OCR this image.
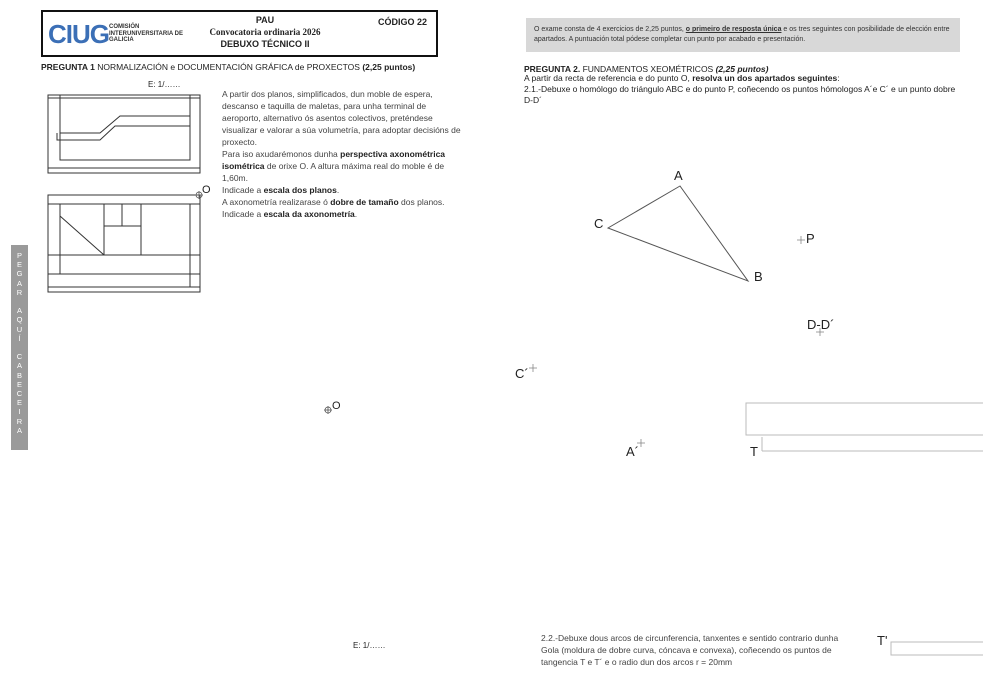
CIUG COMISIÓN INTERUNIVERSITARIA DE GALICIA
PAU
Convocatoria ordinaria 2026
DEBUXO TÉCNICO II
CÓDIGO 22
O exame consta de 4 exercicios de 2,25 puntos, o primeiro de resposta única e os tres seguintes con posibilidade de elección entre apartados. A puntuación total pódese completar cun punto por acabado e presentación.
P
E
G
A
R

A
Q
U
Í

C
A
B
E
C
E
I
R
A
PREGUNTA 1 NORMALIZACIÓN e DOCUMENTACIÓN GRÁFICA de PROXECTOS (2,25 puntos)
E: 1/……
A partir dos planos, simplificados, dun moble de espera, descanso e taquilla de maletas, para unha terminal de aeroporto, alternativo ós asentos colectivos, preténdese visualizar e valorar a súa volumetría, para adoptar decisións de proxecto.
Para iso axudarémonos dunha perspectiva axonométrica isométrica de orixe O. A altura máxima real do moble é de 1,60m.
Indicade a escala dos planos.
A axonometría realizarase ó dobre de tamaño dos planos.
Indicade a escala da axonometría.
E: 1/……
PREGUNTA 2. FUNDAMENTOS XEOMÉTRICOS (2,25 puntos)
A partir da recta de referencia e do punto O, resolva un dos apartados seguintes:
2.1.-Debuxe o homólogo do triángulo ABC e do punto P, coñecendo os puntos hómologos A´e C´ e un punto dobre D-D´
2.2.-Debuxe dous arcos de circunferencia, tanxentes e sentido contrario dunha Gola (moldura de dobre curva, cóncava e convexa), coñecendo os puntos de tangencia T e T´ e o radio dun dos arcos r = 20mm
O
O
A
C
B
P
D-D´
C´
A´	T
T'
